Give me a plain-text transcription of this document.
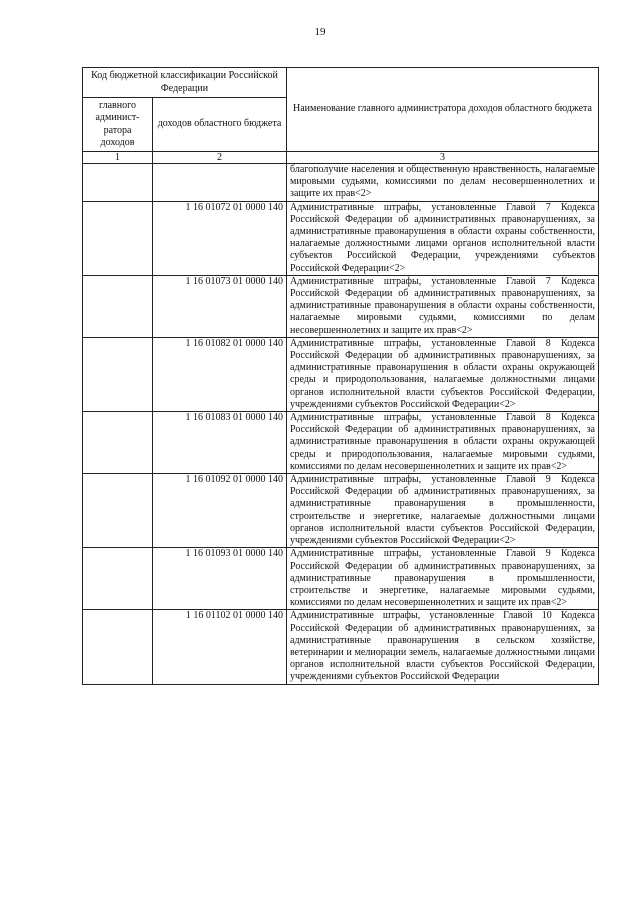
19
Код бюджетной классификации Российской Федерации		Наименование главного администратора доходов областного бюджета
главного админист-ратора доходов	доходов областного бюджета	
1	2	3
		благополучие населения и общественную нравственность, налагаемые мировыми судьями, комиссиями по делам несовершеннолетних и защите их прав<2>
	1 16 01072 01 0000 140	Административные штрафы, установленные Главой 7 Кодекса Российской Федерации об административных правонарушениях, за административные правонарушения в области охраны собственности, налагаемые должностными лицами органов исполнительной власти субъектов Российской Федерации, учреждениями субъектов Российской Федерации<2>
	1 16 01073 01 0000 140	Административные штрафы, установленные Главой 7 Кодекса Российской Федерации об административных правонарушениях, за административные правонарушения в области охраны собственности, налагаемые мировыми судьями, комиссиями по делам несовершеннолетних и защите их прав<2>
	1 16 01082 01 0000 140	Административные штрафы, установленные Главой 8 Кодекса Российской Федерации об административных правонарушениях, за административные правонарушения в области охраны окружающей среды и природопользования, налагаемые должностными лицами органов исполнительной власти субъектов Российской Федерации, учреждениями субъектов Российской Федерации<2>
	1 16 01083 01 0000 140	Административные штрафы, установленные Главой 8 Кодекса Российской Федерации об административных правонарушениях, за административные правонарушения в области охраны окружающей среды и природопользования, налагаемые мировыми судьями, комиссиями по делам несовершеннолетних и защите их прав<2>
	1 16 01092 01 0000 140	Административные штрафы, установленные Главой 9 Кодекса Российской Федерации об административных правонарушениях, за административные правонарушения в промышленности, строительстве и энергетике, налагаемые должностными лицами органов исполнительной власти субъектов Российской Федерации, учреждениями субъектов Российской Федерации<2>
	1 16 01093 01 0000 140	Административные штрафы, установленные Главой 9 Кодекса Российской Федерации об административных правонарушениях, за административные правонарушения в промышленности, строительстве и энергетике, налагаемые мировыми судьями, комиссиями по делам несовершеннолетних и защите их прав<2>
	1 16 01102 01 0000 140	Административные штрафы, установленные Главой 10 Кодекса Российской Федерации об административных правонарушениях, за административные правонарушения в сельском хозяйстве, ветеринарии и мелиорации земель, налагаемые должностными лицами органов исполнительной власти субъектов Российской Федерации, учреждениями субъектов Российской Федерации
